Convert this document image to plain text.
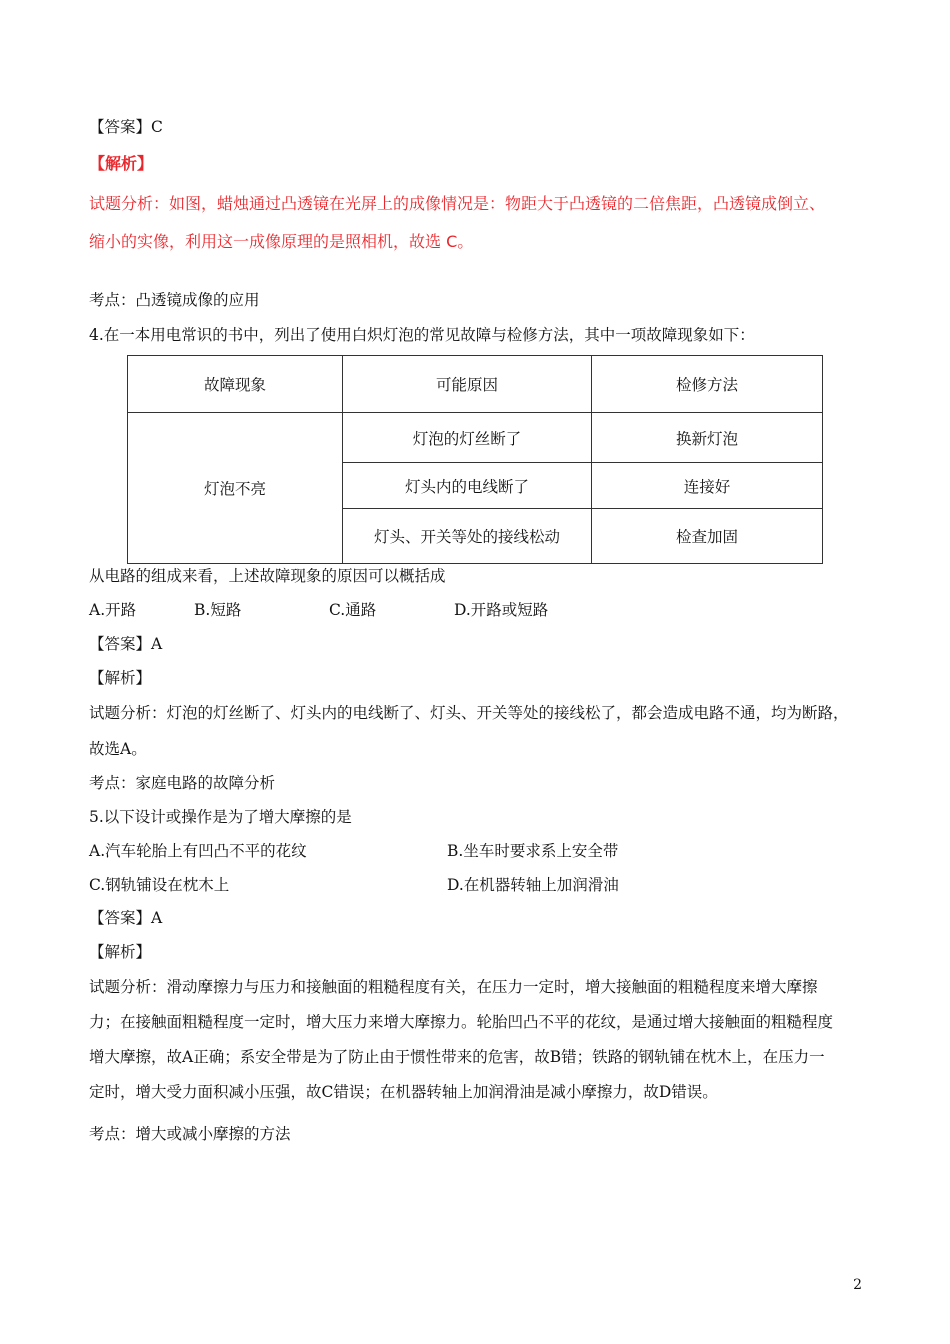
【答案】C
【解析】
试题分析：如图，蜡烛通过凸透镜在光屏上的成像情况是：物距大于凸透镜的二倍焦距，凸透镜成倒立、
缩小的实像，利用这一成像原理的是照相机，故选 C。
考点：凸透镜成像的应用
4.在一本用电常识的书中，列出了使用白炽灯泡的常见故障与检修方法，其中一项故障现象如下：
故障现象	可能原因	检修方法
灯泡不亮	灯泡的灯丝断了	换新灯泡
	灯头内的电线断了	连接好
	灯头、开关等处的接线松动	检查加固
从电路的组成来看，上述故障现象的原因可以概括成
A.开路	B.短路	C.通路	D.开路或短路
【答案】A
【解析】
试题分析：灯泡的灯丝断了、灯头内的电线断了、灯头、开关等处的接线松了，都会造成电路不通，均为断路，
故选A。
考点：家庭电路的故障分析
5.以下设计或操作是为了增大摩擦的是
A.汽车轮胎上有凹凸不平的花纹	B.坐车时要求系上安全带
C.钢轨铺设在枕木上	D.在机器转轴上加润滑油
【答案】A
【解析】
试题分析：滑动摩擦力与压力和接触面的粗糙程度有关，在压力一定时，增大接触面的粗糙程度来增大摩擦
力；在接触面粗糙程度一定时，增大压力来增大摩擦力。轮胎凹凸不平的花纹，是通过增大接触面的粗糙程度
增大摩擦，故A正确；系安全带是为了防止由于惯性带来的危害，故B错；铁路的钢轨铺在枕木上，在压力一
定时，增大受力面积减小压强，故C错误；在机器转轴上加润滑油是减小摩擦力，故D错误。
考点：增大或减小摩擦的方法
2
